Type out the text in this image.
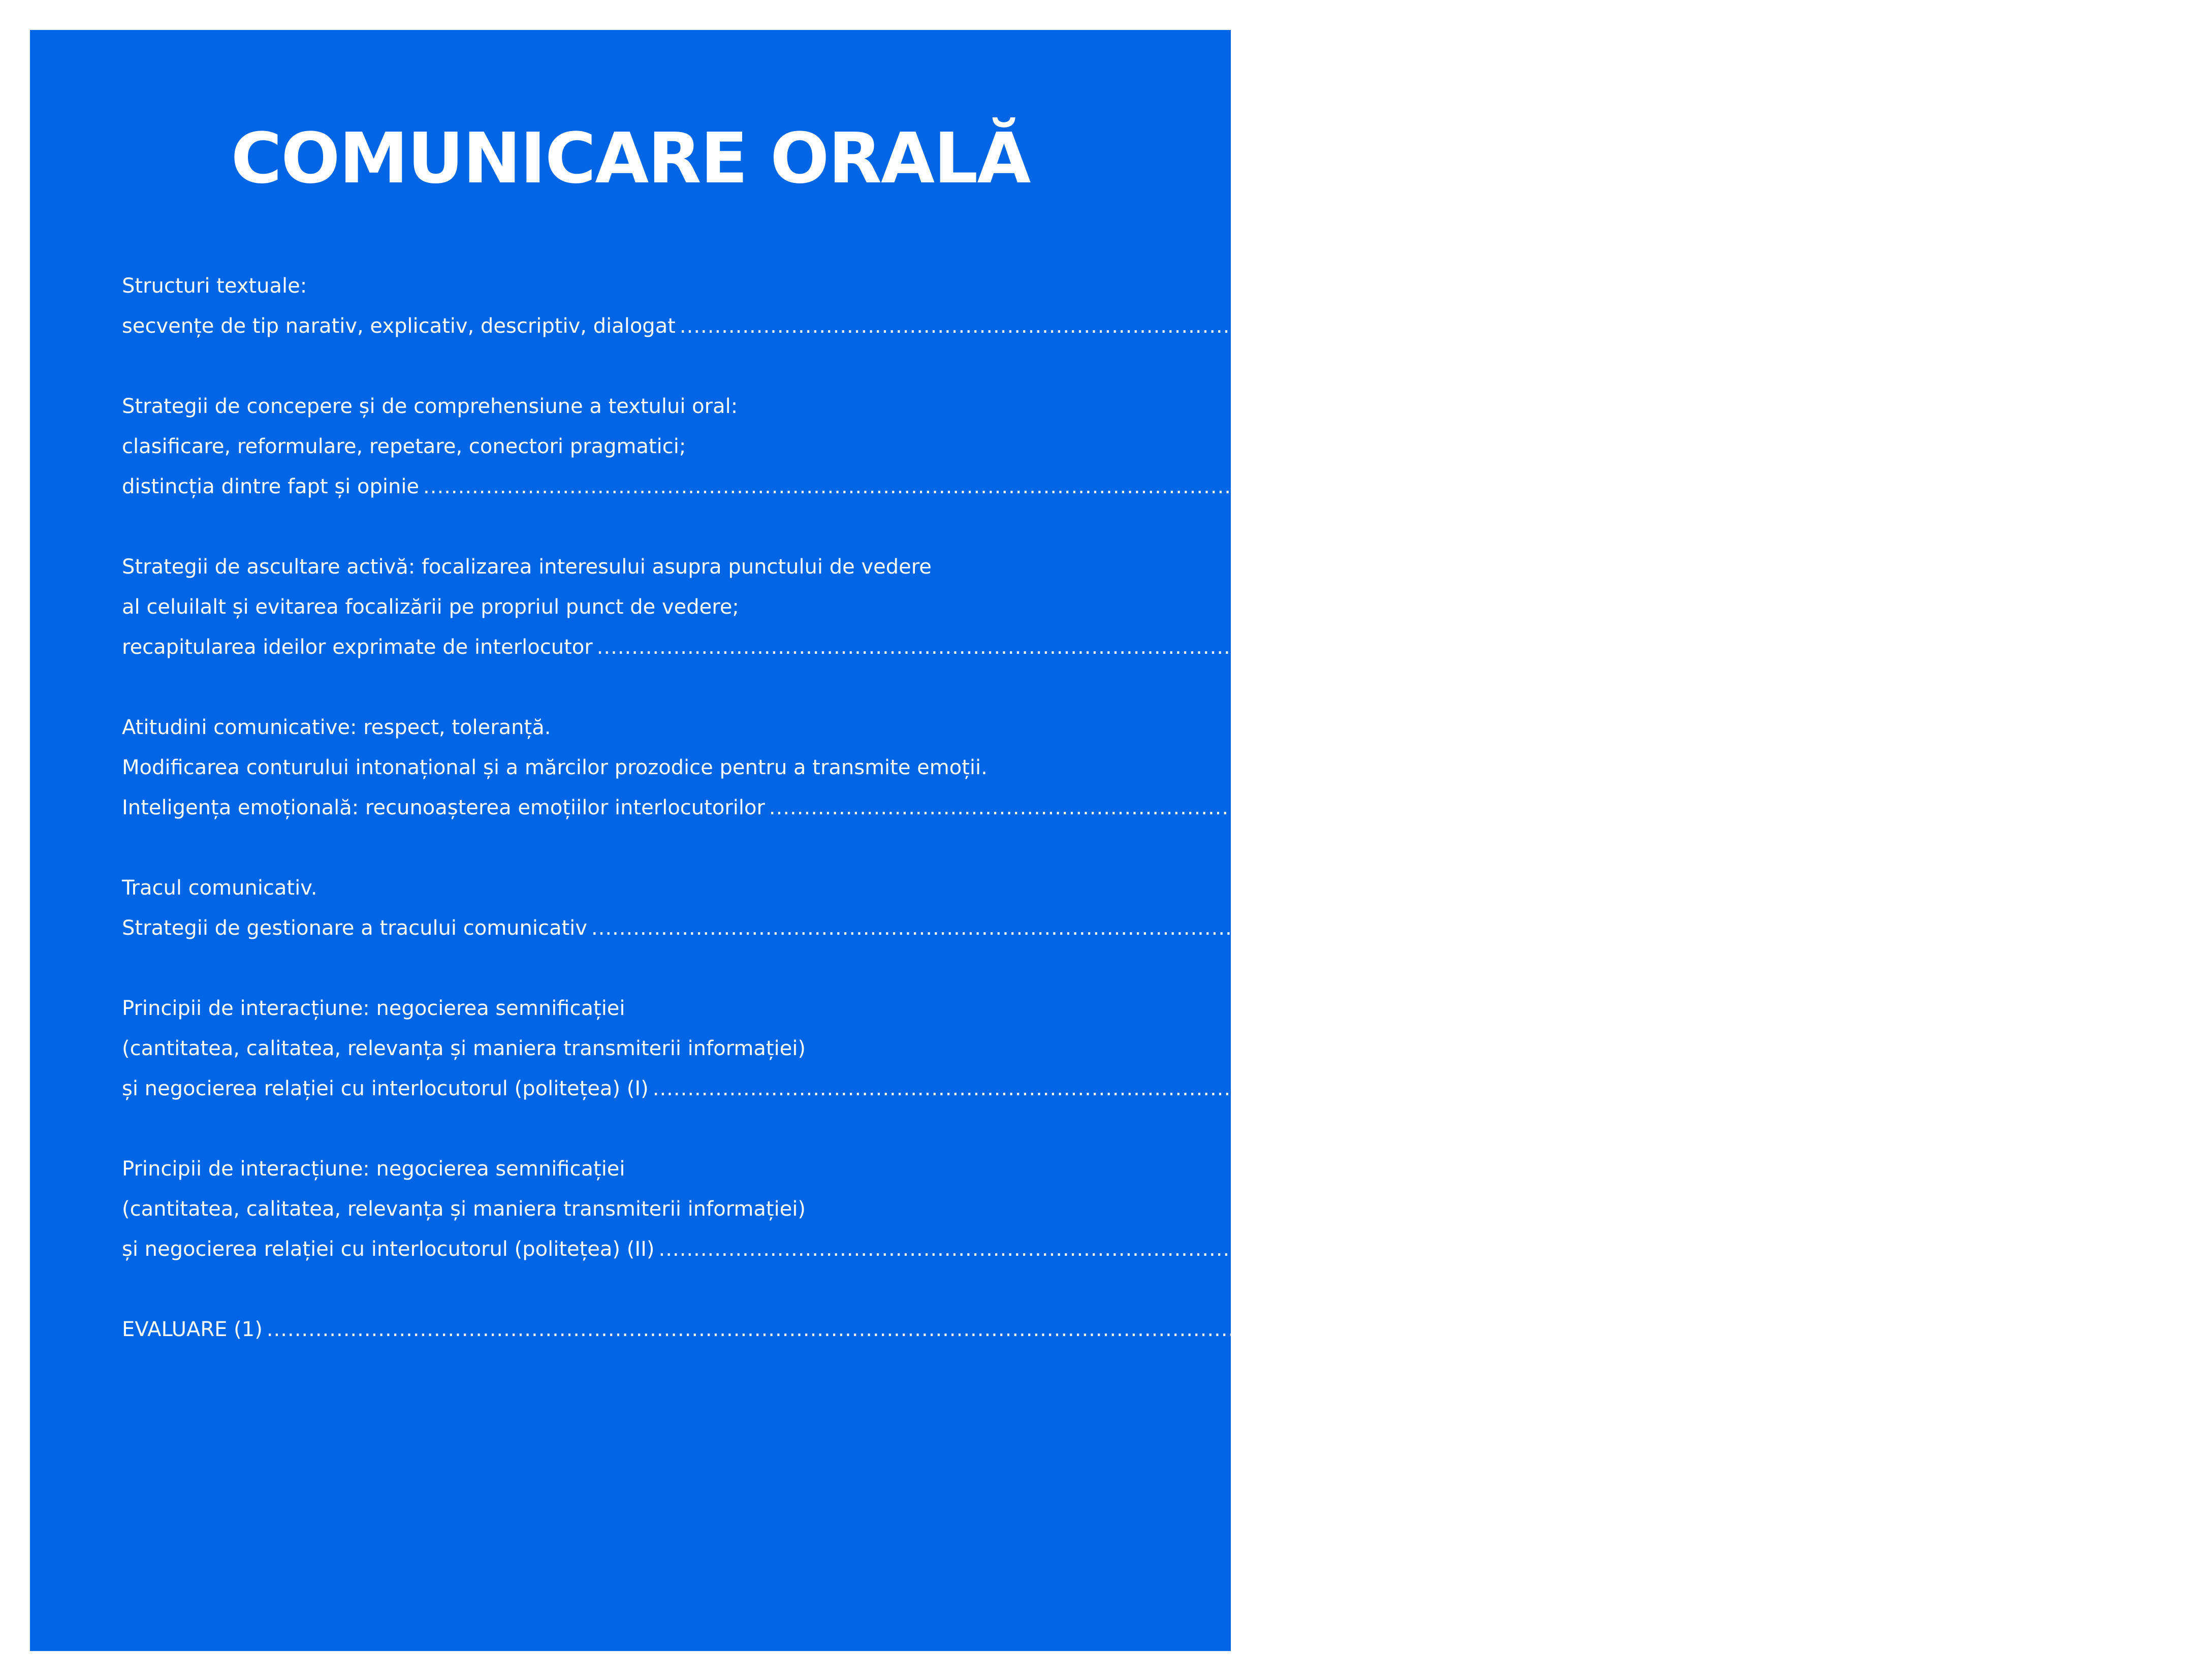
COMUNICARE ORALĂ
Structuri textuale:
secvențe de tip narativ, explicativ, descriptiv, dialogat ........................................................................................................................................................................................................ 17
Strategii de concepere și de comprehensiune a textului oral:
clasificare, reformulare, repetare, conectori pragmatici;
distincția dintre fapt și opinie ........................................................................................................................................................................................................ 19
Strategii de ascultare activă: focalizarea interesului asupra punctului de vedere
al celuilalt și evitarea focalizării pe propriul punct de vedere;
recapitularea ideilor exprimate de interlocutor ........................................................................................................................................................................................................ 21
Atitudini comunicative: respect, toleranță.
Modificarea conturului intonațional și a mărcilor prozodice pentru a transmite emoții.
Inteligența emoțională: recunoașterea emoțiilor interlocutorilor ........................................................................................................................................................................................................ 23
Tracul comunicativ.
Strategii de gestionare a tracului comunicativ ........................................................................................................................................................................................................ 25
Principii de interacțiune: negocierea semnificației
(cantitatea, calitatea, relevanța și maniera transmiterii informației)
și negocierea relației cu interlocutorul (politețea) (I) ........................................................................................................................................................................................................ 26
Principii de interacțiune: negocierea semnificației
(cantitatea, calitatea, relevanța și maniera transmiterii informației)
și negocierea relației cu interlocutorul (politețea) (II) ........................................................................................................................................................................................................ 27
EVALUARE (1) ........................................................................................................................................................................................................ 28
